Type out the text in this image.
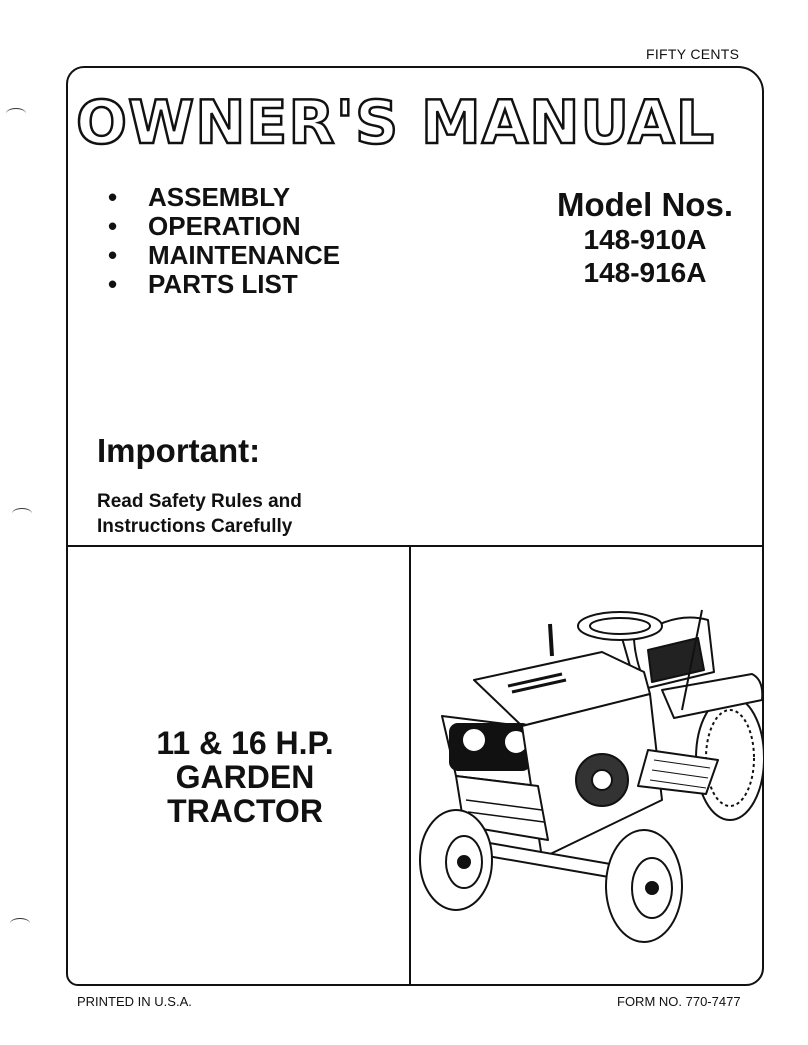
FIFTY CENTS
OWNER'S MANUAL
• ASSEMBLY
• OPERATION
• MAINTENANCE
• PARTS LIST
Model Nos.
148-910A
148-916A
Important:
Read Safety Rules and
Instructions Carefully
11 & 16 H.P.
GARDEN
TRACTOR
PRINTED IN U.S.A.	FORM NO. 770-7477
